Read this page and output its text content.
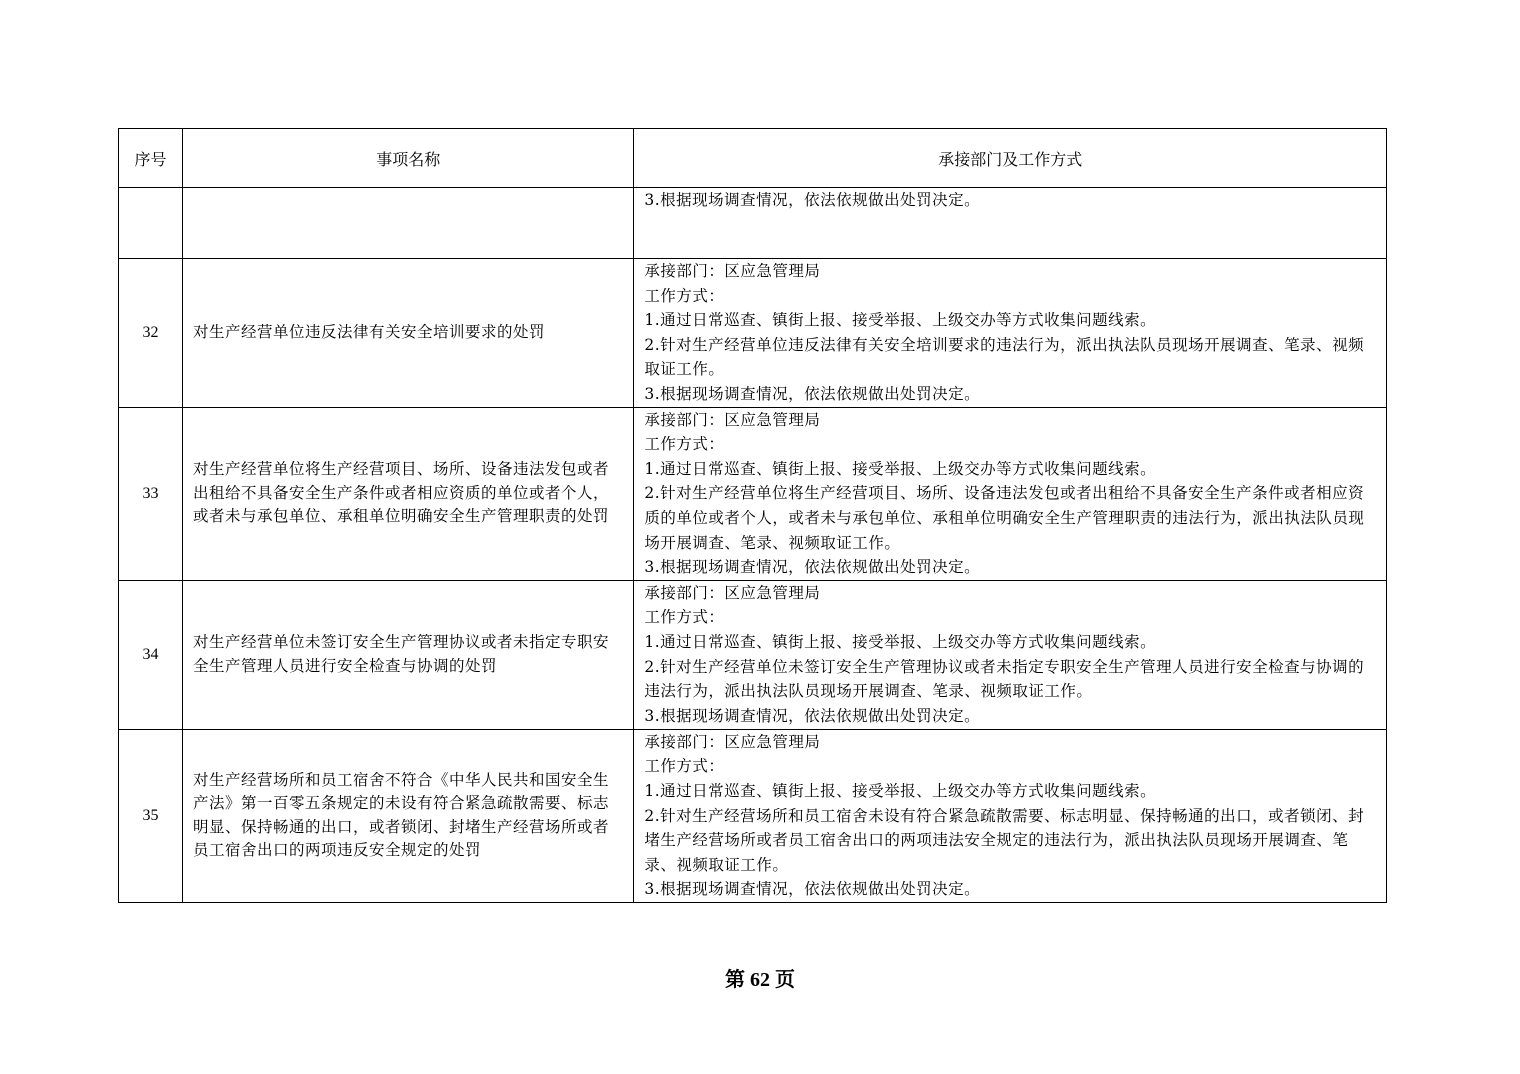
序号	事项名称	承接部门及工作方式

		3.根据现场调查情况，依法依规做出处罚决定。

32	对生产经营单位违反法律有关安全培训要求的处罚	承接部门：区应急管理局
工作方式：
1.通过日常巡查、镇街上报、接受举报、上级交办等方式收集问题线索。
2.针对生产经营单位违反法律有关安全培训要求的违法行为，派出执法队员现场开展调查、笔录、视频取证工作。
3.根据现场调查情况，依法依规做出处罚决定。

33	对生产经营单位将生产经营项目、场所、设备违法发包或者出租给不具备安全生产条件或者相应资质的单位或者个人，或者未与承包单位、承租单位明确安全生产管理职责的处罚	承接部门：区应急管理局
工作方式：
1.通过日常巡查、镇街上报、接受举报、上级交办等方式收集问题线索。
2.针对生产经营单位将生产经营项目、场所、设备违法发包或者出租给不具备安全生产条件或者相应资质的单位或者个人，或者未与承包单位、承租单位明确安全生产管理职责的违法行为，派出执法队员现场开展调查、笔录、视频取证工作。
3.根据现场调查情况，依法依规做出处罚决定。

34	对生产经营单位未签订安全生产管理协议或者未指定专职安全生产管理人员进行安全检查与协调的处罚	承接部门：区应急管理局
工作方式：
1.通过日常巡查、镇街上报、接受举报、上级交办等方式收集问题线索。
2.针对生产经营单位未签订安全生产管理协议或者未指定专职安全生产管理人员进行安全检查与协调的违法行为，派出执法队员现场开展调查、笔录、视频取证工作。
3.根据现场调查情况，依法依规做出处罚决定。

35	对生产经营场所和员工宿舍不符合《中华人民共和国安全生产法》第一百零五条规定的未设有符合紧急疏散需要、标志明显、保持畅通的出口，或者锁闭、封堵生产经营场所或者员工宿舍出口的两项违反安全规定的处罚	承接部门：区应急管理局
工作方式：
1.通过日常巡查、镇街上报、接受举报、上级交办等方式收集问题线索。
2.针对生产经营场所和员工宿舍未设有符合紧急疏散需要、标志明显、保持畅通的出口，或者锁闭、封堵生产经营场所或者员工宿舍出口的两项违法安全规定的违法行为，派出执法队员现场开展调查、笔录、视频取证工作。
3.根据现场调查情况，依法依规做出处罚决定。
第 62 页
